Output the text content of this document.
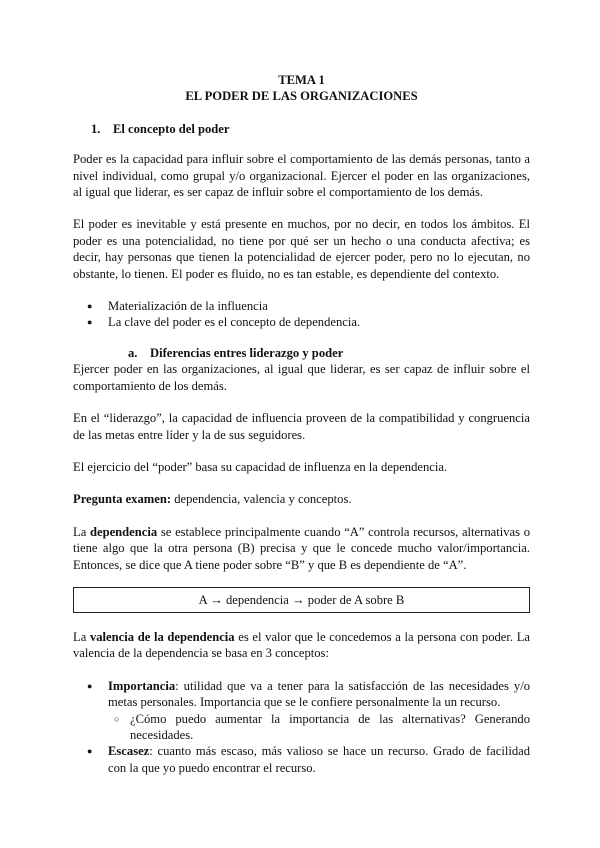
TEMA 1
EL PODER DE LAS ORGANIZACIONES
1. El concepto del poder

Poder es la capacidad para influir sobre el comportamiento de las demás personas, tanto a nivel individual, como grupal y/o organizacional. Ejercer el poder en las organizaciones, al igual que liderar, es ser capaz de influir sobre el comportamiento de los demás.

El poder es inevitable y está presente en muchos, por no decir, en todos los ámbitos. El poder es una potencialidad, no tiene por qué ser un hecho o una conducta afectiva; es decir, hay personas que tienen la potencialidad de ejercer poder, pero no lo ejecutan, no obstante, lo tienen. El poder es fluido, no es tan estable, es dependiente del contexto.

● Materialización de la influencia
● La clave del poder es el concepto de dependencia.
a. Diferencias entres liderazgo y poder

Ejercer poder en las organizaciones, al igual que liderar, es ser capaz de influir sobre el comportamiento de los demás.

En el “liderazgo”, la capacidad de influencia proveen de la compatibilidad y congruencia de las metas entre líder y la de sus seguidores.

El ejercicio del “poder” basa su capacidad de influenza en la dependencia.

Pregunta examen: dependencia, valencia y conceptos.

La dependencia se establece principalmente cuando “A” controla recursos, alternativas o tiene algo que la otra persona (B) precisa y que le concede mucho valor/importancia. Entonces, se dice que A tiene poder sobre “B” y que B es dependiente de “A”.

A → dependencia → poder de A sobre B

La valencia de la dependencia es el valor que le concedemos a la persona con poder. La valencia de la dependencia se basa en 3 conceptos:

● Importancia: utilidad que va a tener para la satisfacción de las necesidades y/o metas personales. Importancia que se le confiere personalmente la un recurso.
○ ¿Cómo puedo aumentar la importancia de las alternativas? Generando necesidades.
● Escasez: cuanto más escaso, más valioso se hace un recurso. Grado de facilidad con la que yo puedo encontrar el recurso.
